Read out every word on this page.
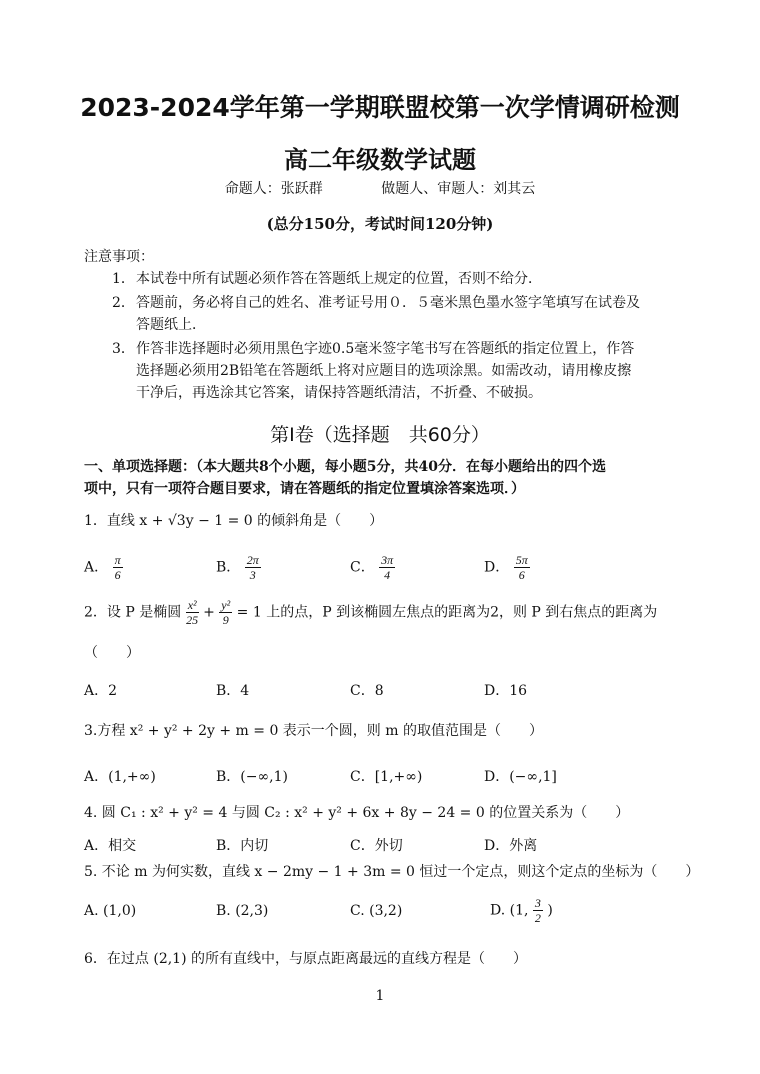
2023-2024学年第一学期联盟校第一次学情调研检测
高二年级数学试题
命题人：张跃群	做题人、审题人：刘其云
(总分150分，考试时间120分钟)
注意事项：
1．本试卷中所有试题必须作答在答题纸上规定的位置，否则不给分．
2．答题前，务必将自己的姓名、准考证号用０．５毫米黑色墨水签字笔填写在试卷及
答题纸上．
3．作答非选择题时必须用黑色字迹0.5毫米签字笔书写在答题纸的指定位置上，作答
选择题必须用2B铅笔在答题纸上将对应题目的选项涂黑。如需改动，请用橡皮擦
干净后，再选涂其它答案，请保持答题纸清洁，不折叠、不破损。
第Ⅰ卷（选择题　共60分）
一、单项选择题：（本大题共8个小题，每小题5分，共40分．在每小题给出的四个选
项中，只有一项符合题目要求，请在答题纸的指定位置填涂答案选项．）
1．直线 x + √3y − 1 = 0 的倾斜角是（　　）
A． $\frac{\pi}{6}$	B． $\frac{2\pi}{3}$	C． $\frac{3\pi}{4}$	D． $\frac{5\pi}{6}$
2．设 P 是椭圆 $\frac{\text{x²}}{25} + \frac{\text{y²}}{9} = 1$ 上的点，P 到该椭圆左焦点的距离为2，则 P 到右焦点的距离为
（　　）
A．2	B．4	C．8	D．16
3.方程 x² + y² + 2y + m = 0 表示一个圆，则 m 的取值范围是（　　）
A．(1,+∞)	B．(−∞,1)	C．[1,+∞)	D．(−∞,1]
4. 圆 C₁ : x² + y² = 4 与圆 C₂ : x² + y² + 6x + 8y − 24 = 0 的位置关系为（　　）
A．相交	B．内切	C．外切	D．外离
5. 不论 m 为何实数，直线 x − 2my − 1 + 3m = 0 恒过一个定点，则这个定点的坐标为（　　）
A. (1,0)	B. (2,3)	C. (3,2)	D. (1, $\frac{3}{2}$ )
6．在过点 (2,1) 的所有直线中，与原点距离最远的直线方程是（　　）
1
